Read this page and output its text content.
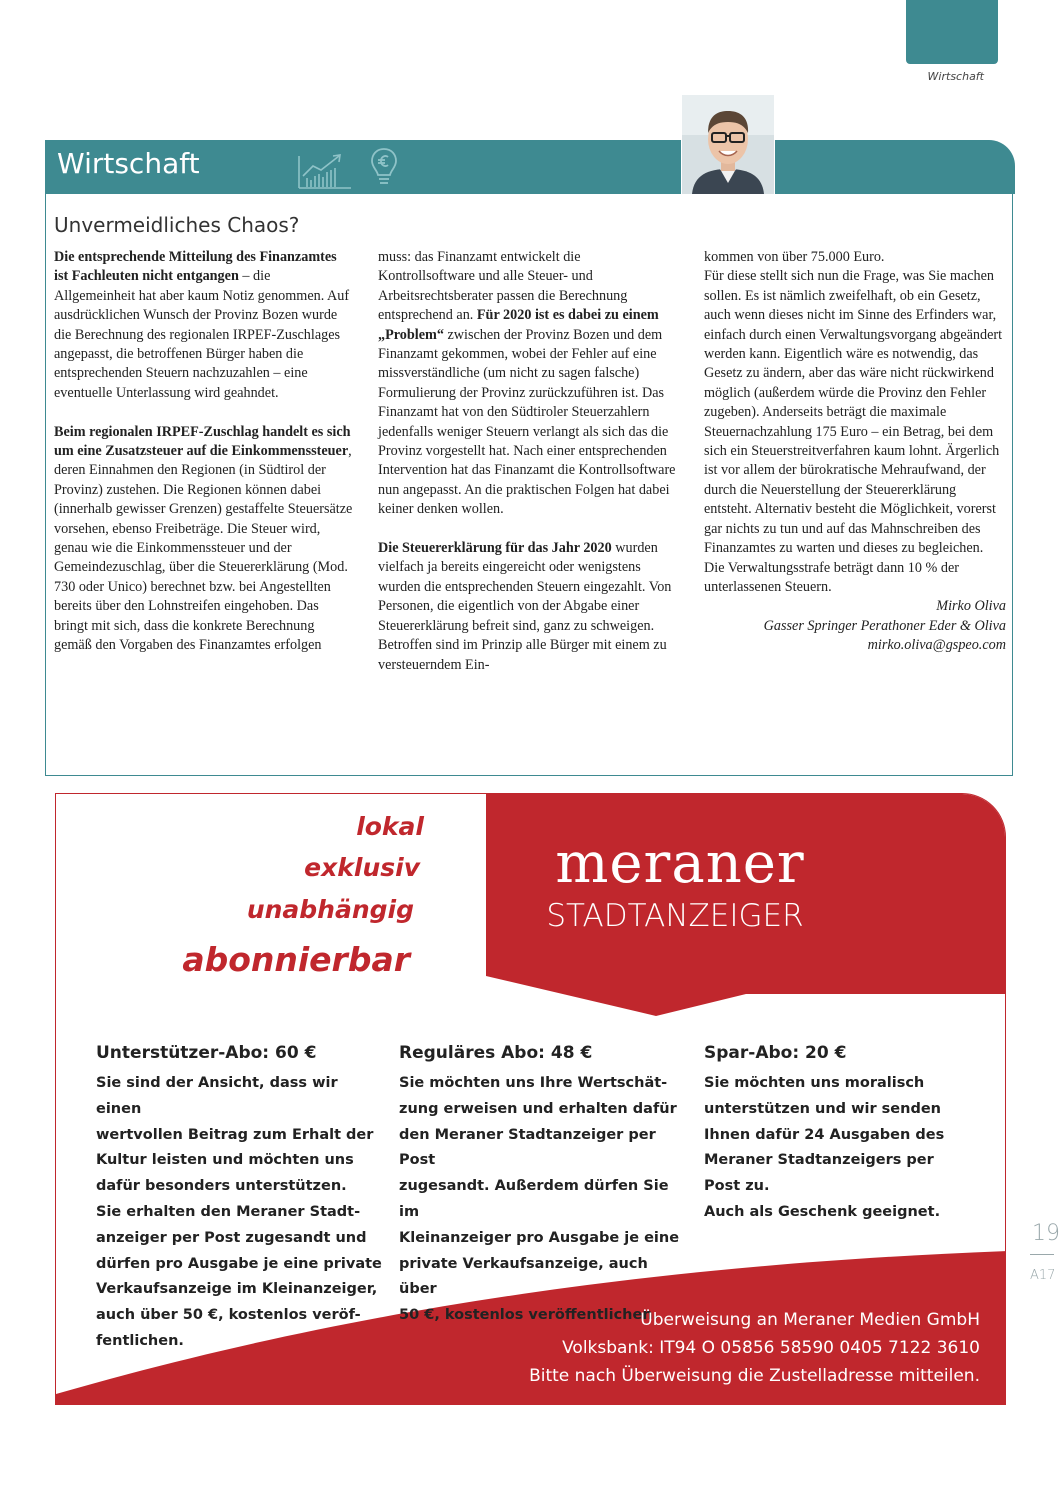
Wirtschaft
Wirtschaft
Unvermeidliches Chaos?

Die entsprechende Mitteilung des Finanzamtes ist Fachleuten nicht entgangen – die Allgemeinheit hat aber kaum Notiz genommen. Auf ausdrücklichen Wunsch der Provinz Bozen wurde die Berechnung des regionalen IRPEF-Zuschlages angepasst, die betroffenen Bürger haben die entsprechenden Steuern nachzuzahlen – eine eventuelle Unterlassung wird geahndet.

Beim regionalen IRPEF-Zuschlag handelt es sich um eine Zusatzsteuer auf die Einkommenssteuer, deren Einnahmen den Regionen (in Südtirol der Provinz) zustehen. Die Regionen können dabei (innerhalb gewisser Grenzen) gestaffelte Steuersätze vorsehen, ebenso Freibeträge. Die Steuer wird, genau wie die Einkommenssteuer und der Gemeindezuschlag, über die Steuererklärung (Mod. 730 oder Unico) berechnet bzw. bei Angestellten bereits über den Lohnstreifen eingehoben. Das bringt mit sich, dass die konkrete Berechnung gemäß den Vorgaben des Finanzamtes erfolgen

muss: das Finanzamt entwickelt die Kontrollsoftware und alle Steuer- und Arbeitsrechtsberater passen die Berechnung entsprechend an. Für 2020 ist es dabei zu einem „Problem“ zwischen der Provinz Bozen und dem Finanzamt gekommen, wobei der Fehler auf eine missverständliche (um nicht zu sagen falsche) Formulierung der Provinz zurückzuführen ist. Das Finanzamt hat von den Südtiroler Steuerzahlern jedenfalls weniger Steuern verlangt als sich das die Provinz vorgestellt hat. Nach einer entsprechenden Intervention hat das Finanzamt die Kontrollsoftware nun angepasst. An die praktischen Folgen hat dabei keiner denken wollen.

Die Steuererklärung für das Jahr 2020 wurden vielfach ja bereits eingereicht oder wenigstens wurden die entsprechenden Steuern eingezahlt. Von Personen, die eigentlich von der Abgabe einer Steuererklärung befreit sind, ganz zu schweigen. Betroffen sind im Prinzip alle Bürger mit einem zu versteuerndem Ein-

kommen von über 75.000 Euro.

Für diese stellt sich nun die Frage, was Sie machen sollen. Es ist nämlich zweifelhaft, ob ein Gesetz, auch wenn dieses nicht im Sinne des Erfinders war, einfach durch einen Verwaltungsvorgang abgeändert werden kann. Eigentlich wäre es notwendig, das Gesetz zu ändern, aber das wäre nicht rückwirkend möglich (außerdem würde die Provinz den Fehler zugeben). Anderseits beträgt die maximale Steuernachzahlung 175 Euro – ein Betrag, bei dem sich ein Steuerstreitverfahren kaum lohnt. Ärgerlich ist vor allem der bürokratische Mehraufwand, der durch die Neuerstellung der Steuererklärung entsteht. Alternativ besteht die Möglichkeit, vorerst gar nichts zu tun und auf das Mahnschreiben des Finanzamtes zu warten und dieses zu begleichen. Die Verwaltungsstrafe beträgt dann 10 % der unterlassenen Steuern.

Mirko Oliva
Gasser Springer Perathoner Eder & Oliva
mirko.oliva@gspeo.com
lokal
exklusiv
unabhängig
abonnierbar
meraner
STADTANZEIGER
Unterstützer-Abo: 60 €

Sie sind der Ansicht, dass wir einen

wertvollen Beitrag zum Erhalt der

Kultur leisten und möchten uns

dafür besonders unterstützen.

Sie erhalten den Meraner Stadt-

anzeiger per Post zugesandt und

dürfen pro Ausgabe je eine private

Verkaufsanzeige im Kleinanzeiger,

auch über 50 €, kostenlos veröf-

fentlichen.

Reguläres Abo: 48 €

Sie möchten uns Ihre Wertschät-

zung erweisen und erhalten dafür

den Meraner Stadtanzeiger per Post

zugesandt. Außerdem dürfen Sie im

Kleinanzeiger pro Ausgabe je eine

private Verkaufsanzeige, auch über

50 €, kostenlos veröffentlichen.

Spar-Abo: 20 €

Sie möchten uns moralisch

unterstützen und wir senden

Ihnen dafür 24 Ausgaben des

Meraner Stadtanzeigers per

Post zu.

Auch als Geschenk geeignet.

Überweisung an Meraner Medien GmbH
Volksbank: IT94 O 05856 58590 0405 7122 3610
Bitte nach Überweisung die Zustelladresse mitteilen.
19
A17
